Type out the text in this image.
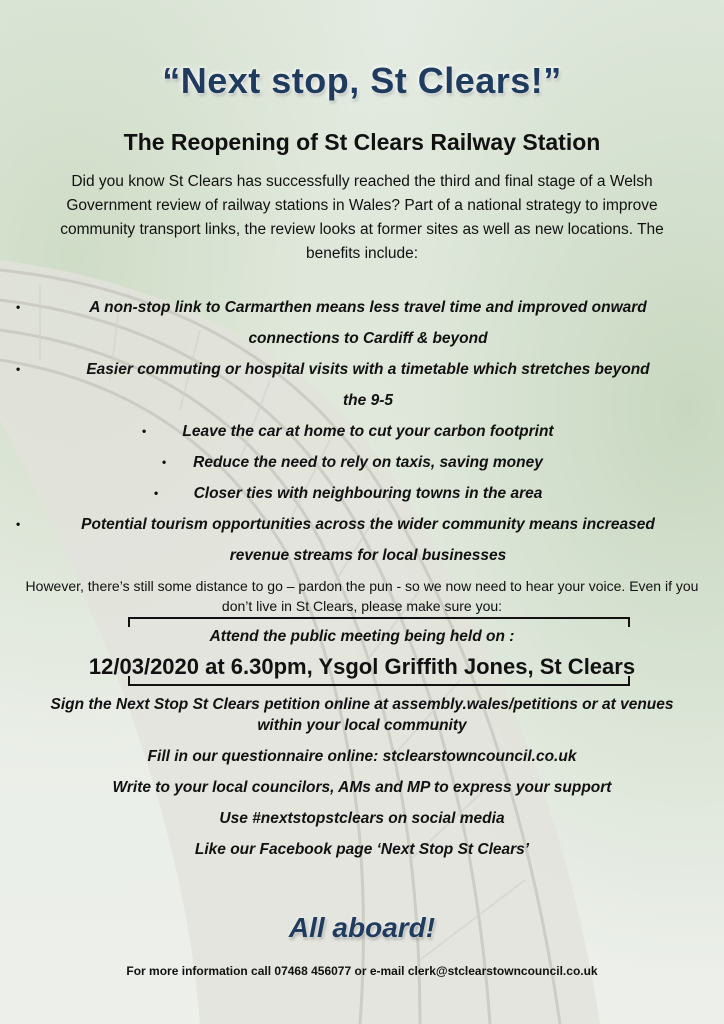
“Next stop, St Clears!”
The Reopening of St Clears Railway Station

Did you know St Clears has successfully reached the third and final stage of a Welsh Government review of railway stations in Wales? Part of a national strategy to improve community transport links, the review looks at former sites as well as new locations. The benefits include:

•	A non-stop link to Carmarthen means less travel time and improved onward connections to Cardiff & beyond
•	Easier commuting or hospital visits with a timetable which stretches beyond the 9-5
• Leave the car at home to cut your carbon footprint
• Reduce the need to rely on taxis, saving money
• Closer ties with neighbouring towns in the area
•	Potential tourism opportunities across the wider community means increased revenue streams for local businesses

However, there’s still some distance to go – pardon the pun - so we now need to hear your voice. Even if you don’t live in St Clears, please make sure you:

Attend the public meeting being held on :

12/03/2020 at 6.30pm, Ysgol Griffith Jones, St Clears

Sign the Next Stop St Clears petition online at assembly.wales/petitions or at venues within your local community
Fill in our questionnaire online: stclearstowncouncil.co.uk
Write to your local councilors, AMs and MP to express your support
Use #nextstopstclears on social media
Like our Facebook page ‘Next Stop St Clears’

All aboard!

For more information call 07468 456077 or e-mail clerk@stclearstowncouncil.co.uk
